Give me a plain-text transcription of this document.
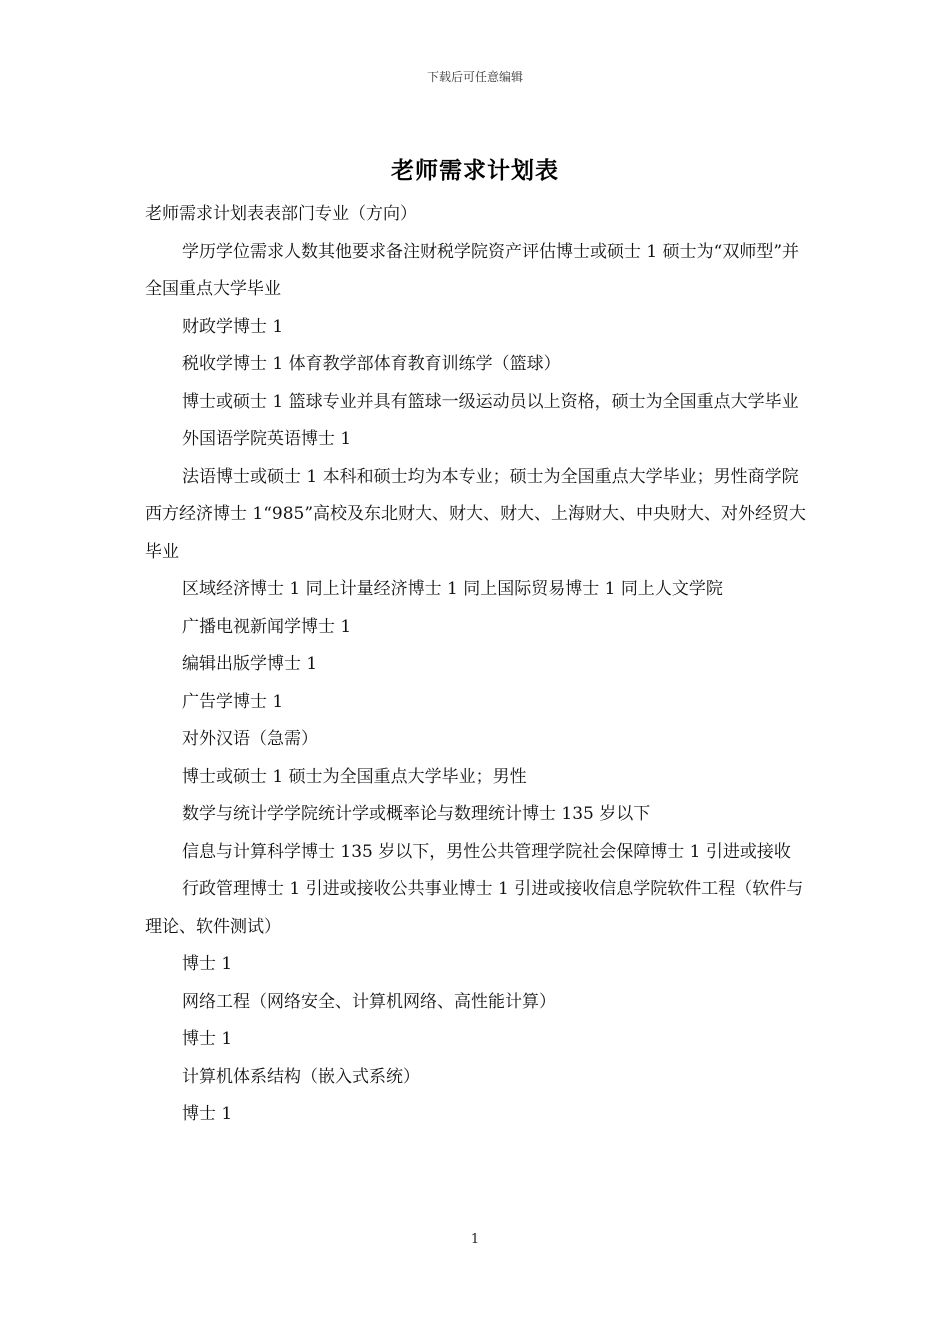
下载后可任意编辑
老师需求计划表

老师需求计划表表部门专业（方向）

学历学位需求人数其他要求备注财税学院资产评估博士或硕士 1 硕士为“双师型”并全国重点大学毕业

财政学博士 1

税收学博士 1 体育教学部体育教育训练学（篮球）

博士或硕士 1 篮球专业并具有篮球一级运动员以上资格，硕士为全国重点大学毕业

外国语学院英语博士 1

法语博士或硕士 1 本科和硕士均为本专业；硕士为全国重点大学毕业；男性商学院西方经济博士 1“985”高校及东北财大、财大、财大、上海财大、中央财大、对外经贸大毕业

区域经济博士 1 同上计量经济博士 1 同上国际贸易博士 1 同上人文学院

广播电视新闻学博士 1

编辑出版学博士 1

广告学博士 1

对外汉语（急需）

博士或硕士 1 硕士为全国重点大学毕业；男性

数学与统计学学院统计学或概率论与数理统计博士 135 岁以下

信息与计算科学博士 135 岁以下，男性公共管理学院社会保障博士 1 引进或接收

行政管理博士 1 引进或接收公共事业博士 1 引进或接收信息学院软件工程（软件与理论、软件测试）

博士 1

网络工程（网络安全、计算机网络、高性能计算）

博士 1

计算机体系结构（嵌入式系统）

博士 1

1
